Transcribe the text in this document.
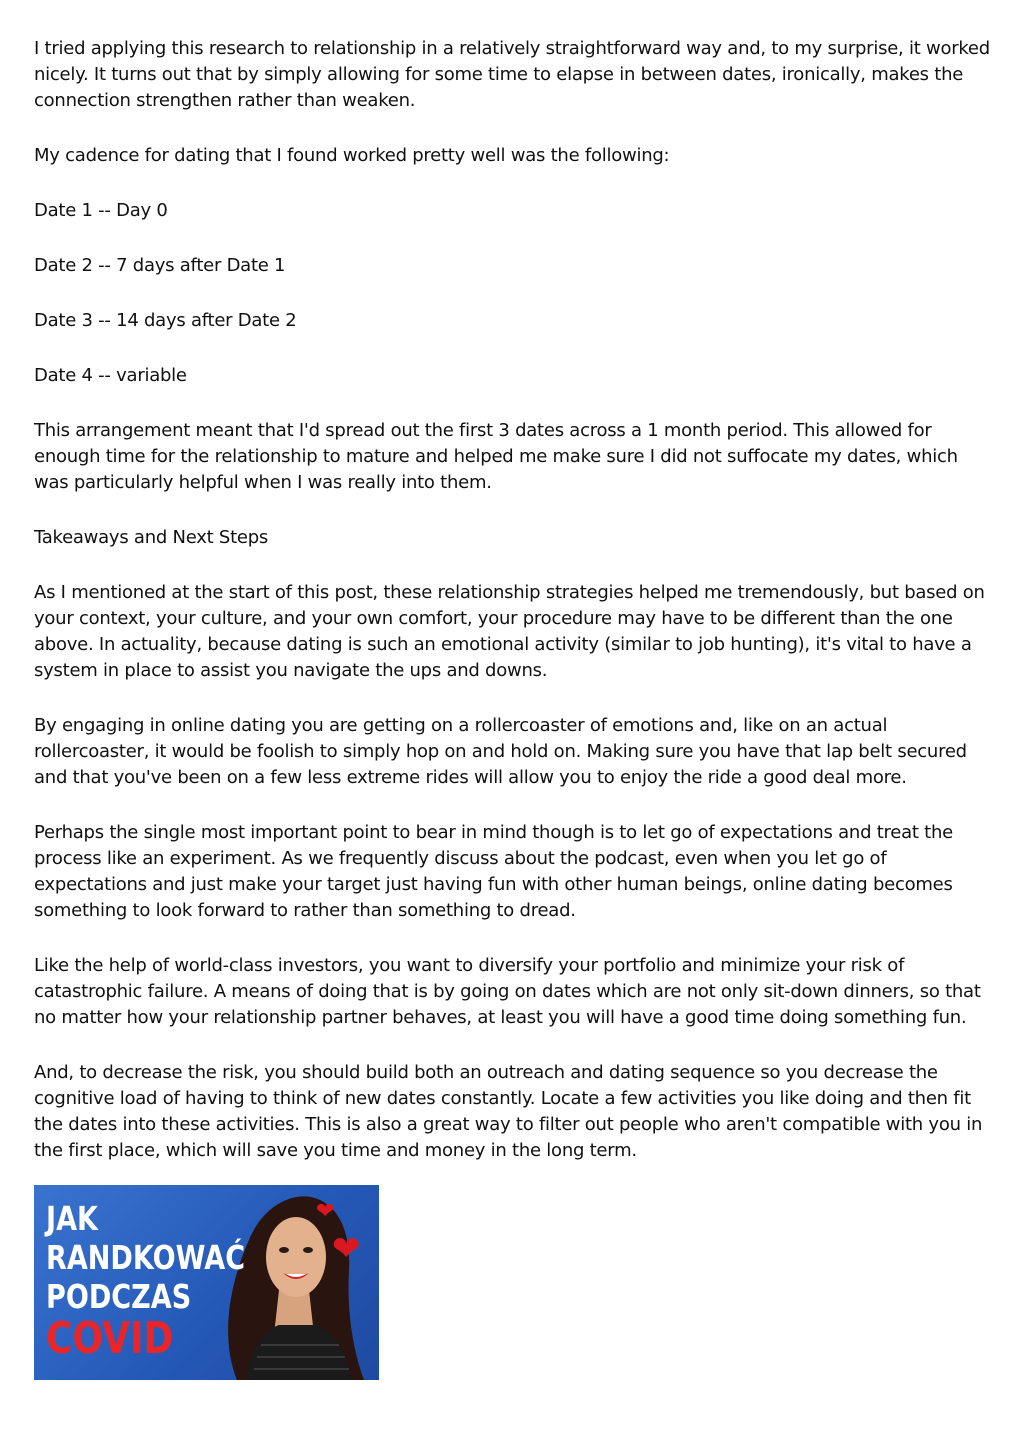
I tried applying this research to relationship in a relatively straightforward way and, to my surprise, it worked nicely. It turns out that by simply allowing for some time to elapse in between dates, ironically, makes the connection strengthen rather than weaken.

My cadence for dating that I found worked pretty well was the following:

Date 1 -- Day 0

Date 2 -- 7 days after Date 1

Date 3 -- 14 days after Date 2

Date 4 -- variable

This arrangement meant that I'd spread out the first 3 dates across a 1 month period. This allowed for enough time for the relationship to mature and helped me make sure I did not suffocate my dates, which was particularly helpful when I was really into them.

Takeaways and Next Steps

As I mentioned at the start of this post, these relationship strategies helped me tremendously, but based on your context, your culture, and your own comfort, your procedure may have to be different than the one above. In actuality, because dating is such an emotional activity (similar to job hunting), it's vital to have a system in place to assist you navigate the ups and downs.

By engaging in online dating you are getting on a rollercoaster of emotions and, like on an actual rollercoaster, it would be foolish to simply hop on and hold on. Making sure you have that lap belt secured and that you've been on a few less extreme rides will allow you to enjoy the ride a good deal more.

Perhaps the single most important point to bear in mind though is to let go of expectations and treat the process like an experiment. As we frequently discuss about the podcast, even when you let go of expectations and just make your target just having fun with other human beings, online dating becomes something to look forward to rather than something to dread.

Like the help of world-class investors, you want to diversify your portfolio and minimize your risk of catastrophic failure. A means of doing that is by going on dates which are not only sit-down dinners, so that no matter how your relationship partner behaves, at least you will have a good time doing something fun.

And, to decrease the risk, you should build both an outreach and dating sequence so you decrease the cognitive load of having to think of new dates constantly. Locate a few activities you like doing and then fit the dates into these activities. This is also a great way to filter out people who aren't compatible with you in the first place, which will save you time and money in the long term.

JAK
RANDKOWAĆ
PODCZAS
COVID
❤
❤
